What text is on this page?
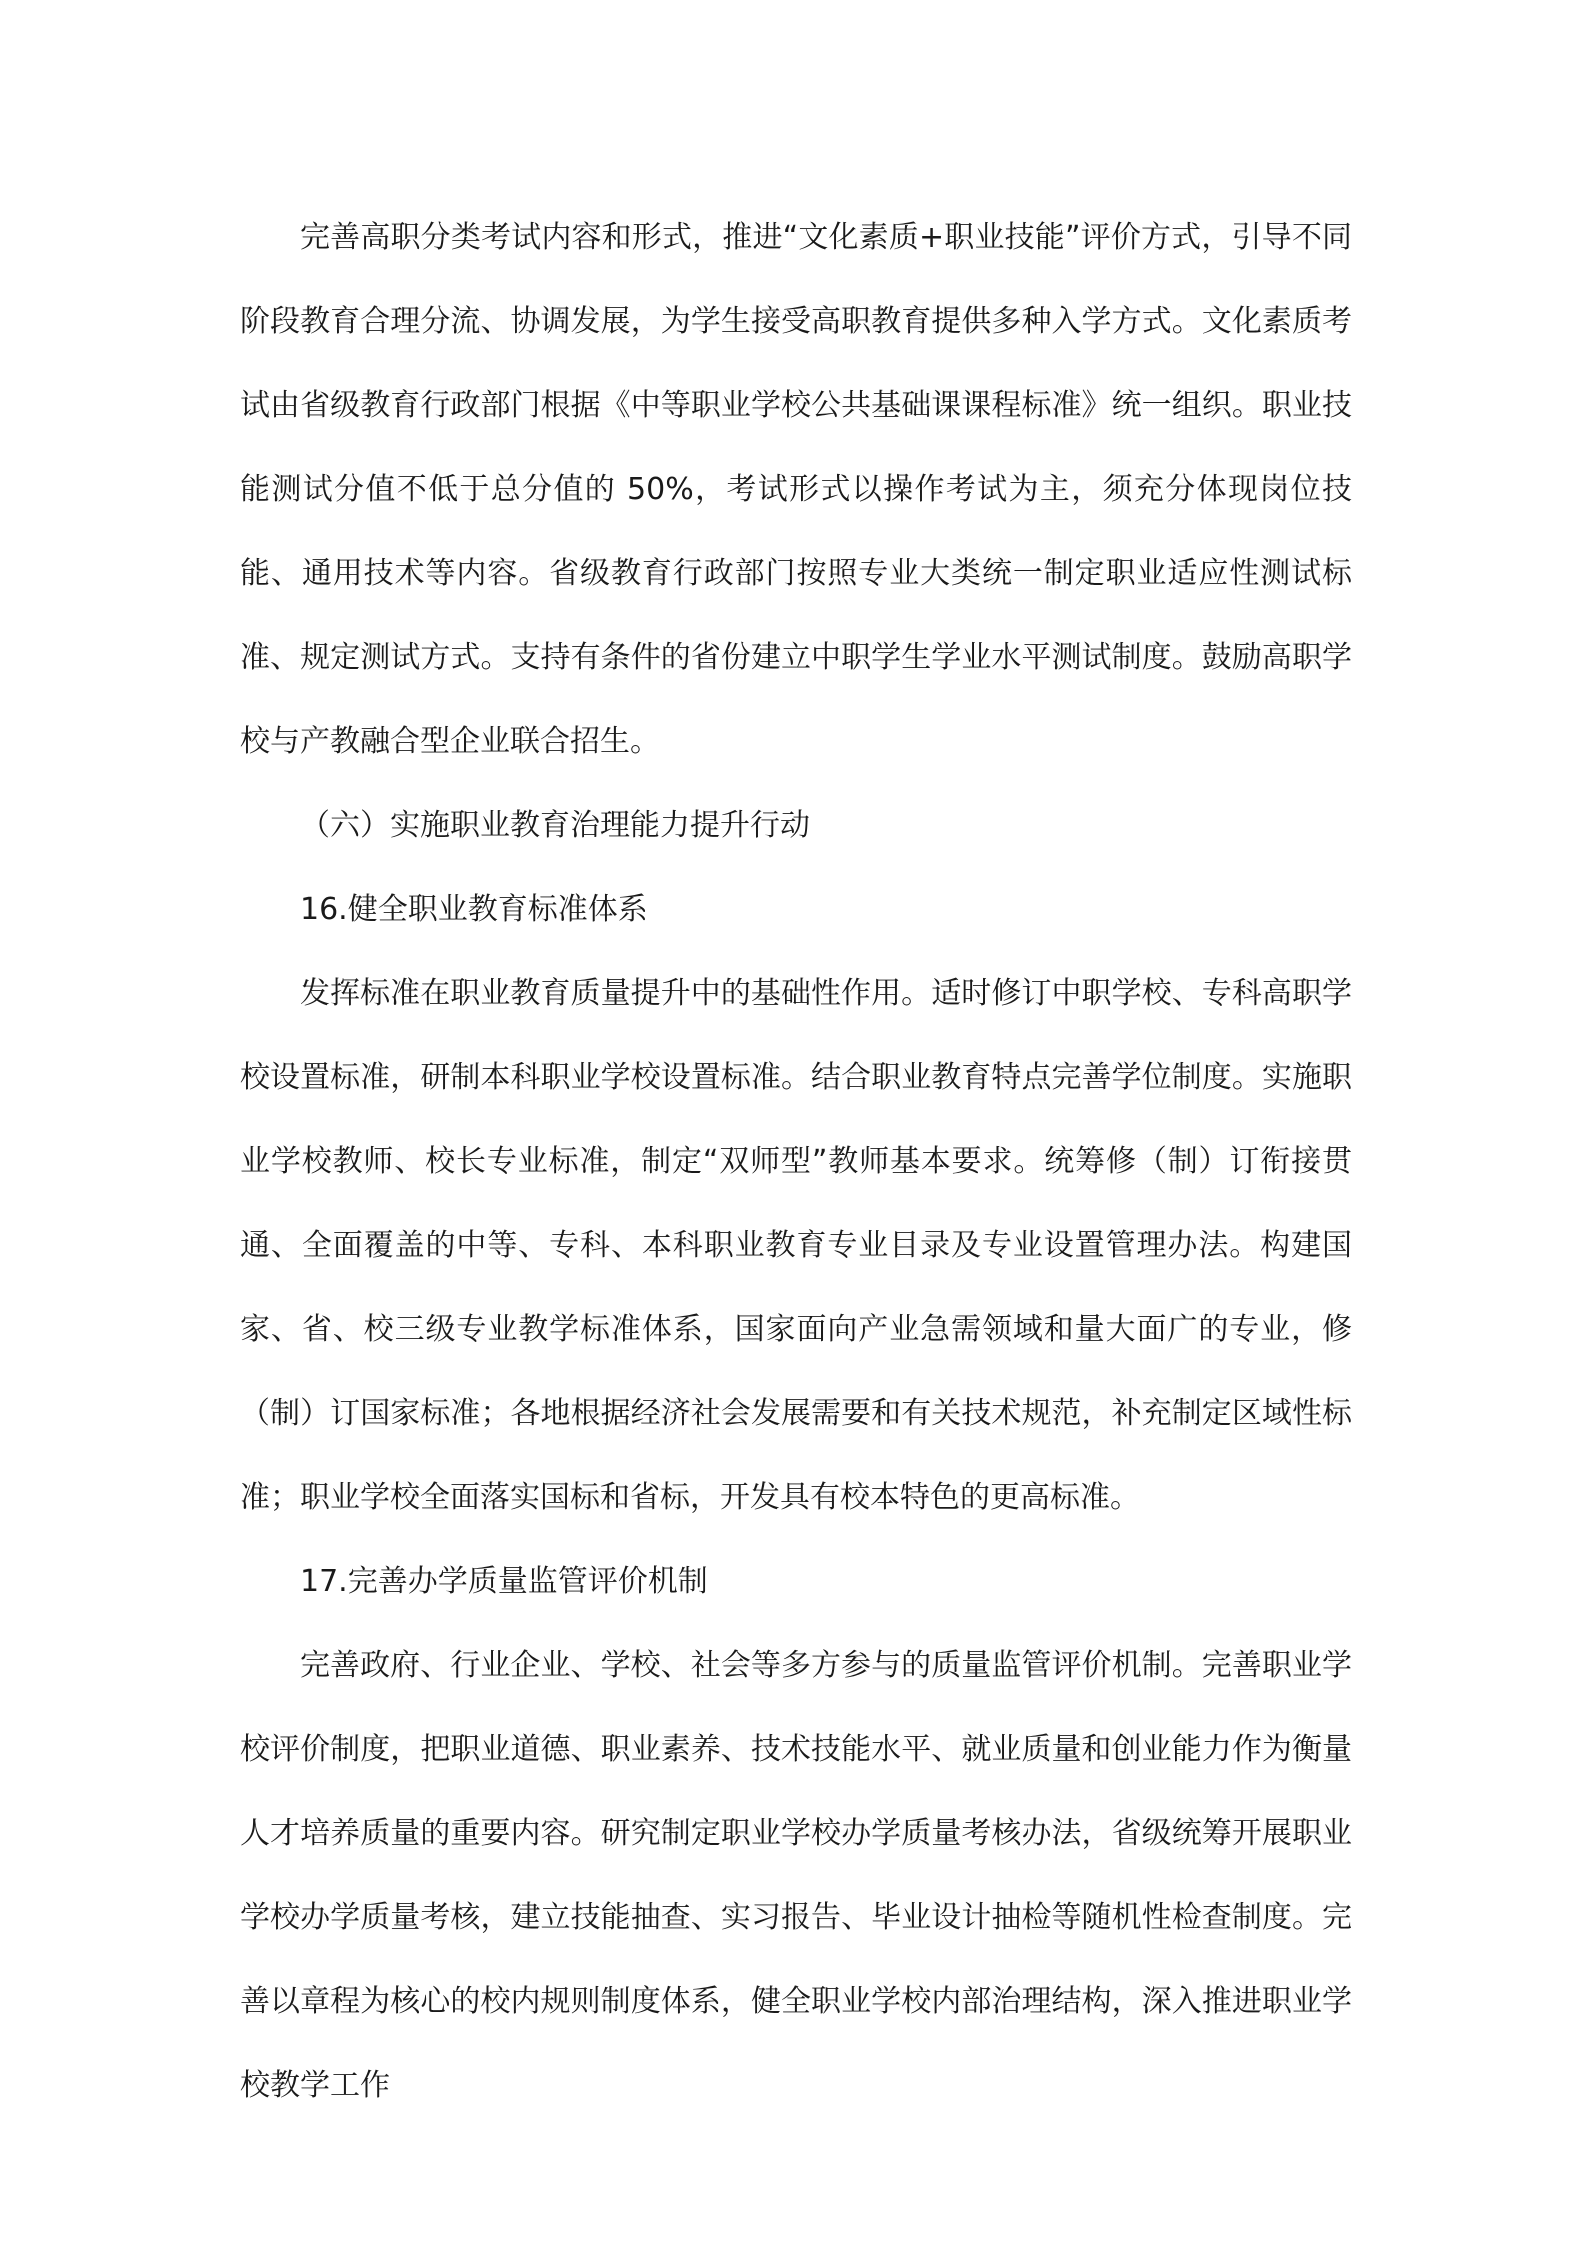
完善高职分类考试内容和形式，推进“文化素质+职业技能”评价方式，引导不同阶段教育合理分流、协调发展，为学生接受高职教育提供多种入学方式。文化素质考试由省级教育行政部门根据《中等职业学校公共基础课课程标准》统一组织。职业技能测试分值不低于总分值的 50%，考试形式以操作考试为主，须充分体现岗位技能、通用技术等内容。省级教育行政部门按照专业大类统一制定职业适应性测试标准、规定测试方式。支持有条件的省份建立中职学生学业水平测试制度。鼓励高职学校与产教融合型企业联合招生。

（六）实施职业教育治理能力提升行动

16.健全职业教育标准体系

发挥标准在职业教育质量提升中的基础性作用。适时修订中职学校、专科高职学校设置标准，研制本科职业学校设置标准。结合职业教育特点完善学位制度。实施职业学校教师、校长专业标准，制定“双师型”教师基本要求。统筹修（制）订衔接贯通、全面覆盖的中等、专科、本科职业教育专业目录及专业设置管理办法。构建国家、省、校三级专业教学标准体系，国家面向产业急需领域和量大面广的专业，修（制）订国家标准；各地根据经济社会发展需要和有关技术规范，补充制定区域性标准；职业学校全面落实国标和省标，开发具有校本特色的更高标准。

17.完善办学质量监管评价机制

完善政府、行业企业、学校、社会等多方参与的质量监管评价机制。完善职业学校评价制度，把职业道德、职业素养、技术技能水平、就业质量和创业能力作为衡量人才培养质量的重要内容。研究制定职业学校办学质量考核办法，省级统筹开展职业学校办学质量考核，建立技能抽查、实习报告、毕业设计抽检等随机性检查制度。完善以章程为核心的校内规则制度体系，健全职业学校内部治理结构，深入推进职业学校教学工作
